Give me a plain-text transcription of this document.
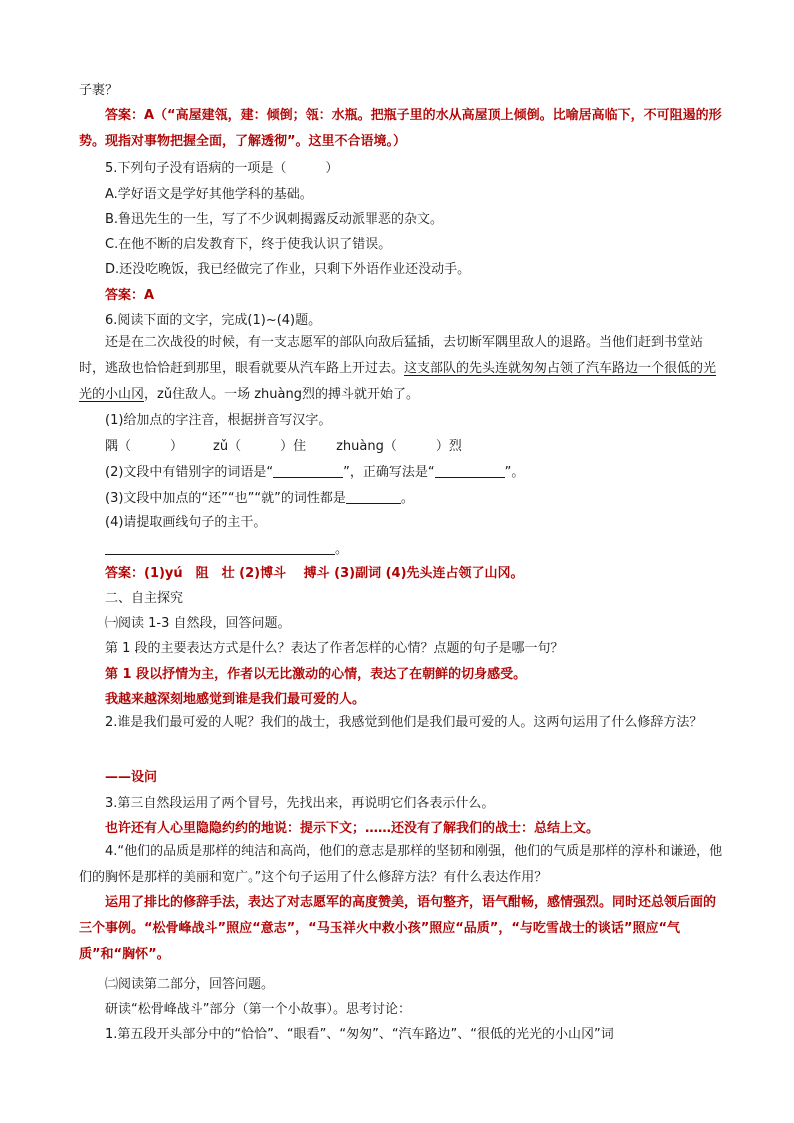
子裹？
答案：A（“高屋建瓴，建：倾倒；瓴：水瓶。把瓶子里的水从高屋顶上倾倒。比喻居高临下，不可阻遏的形势。现指对事物把握全面，了解透彻”。这里不合语境。）
5.下列句子没有语病的一项是（　　　）
A.学好语文是学好其他学科的基础。
B.鲁迅先生的一生，写了不少讽刺揭露反动派罪恶的杂文。
C.在他不断的启发教育下，终于使我认识了错误。
D.还没吃晚饭，我已经做完了作业，只剩下外语作业还没动手。
答案：A
6.阅读下面的文字，完成(1)~(4)题。
还是在二次战役的时候，有一支志愿军的部队向敌后猛插，去切断军隅里敌人的退路。当他们赶到书堂站时，逃敌也恰恰赶到那里，眼看就要从汽车路上开过去。这支部队的先头连就匆匆占领了汽车路边一个很低的光光的小山冈，zǔ住敌人。一场 zhuàng烈的搏斗就开始了。
(1)给加点的字注音，根据拼音写汉字。
隅（　　　） zǔ（　　　）住 zhuàng（　　　）烈
(2)文段中有错别字的词语是“	”，正确写法是“	”。
(3)文段中加点的“还”“也”“就”的词性都是	。
(4)请提取画线句子的主干。
。
答案：(1)yú　阻　壮 (2)博斗　 搏斗 (3)副词 (4)先头连占领了山冈。
二、自主探究
㈠阅读 1-3 自然段，回答问题。
第 1 段的主要表达方式是什么？表达了作者怎样的心情？点题的句子是哪一句？
第 1 段以抒情为主，作者以无比激动的心情，表达了在朝鲜的切身感受。
我越来越深刻地感觉到谁是我们最可爱的人。
2.谁是我们最可爱的人呢？我们的战士，我感觉到他们是我们最可爱的人。这两句运用了什么修辞方法？
——设问
3.第三自然段运用了两个冒号，先找出来，再说明它们各表示什么。
也许还有人心里隐隐约约的地说：提示下文；……还没有了解我们的战士：总结上文。
4.“他们的品质是那样的纯洁和高尚，他们的意志是那样的坚韧和刚强，他们的气质是那样的淳朴和谦逊，他们的胸怀是那样的美丽和宽广。”这个句子运用了什么修辞方法？有什么表达作用？
运用了排比的修辞手法，表达了对志愿军的高度赞美，语句整齐，语气酣畅，感情强烈。同时还总领后面的三个事例。“松骨峰战斗”照应“意志”，“马玉祥火中救小孩”照应“品质”，“与吃雪战士的谈话”照应“气质”和“胸怀”。
㈡阅读第二部分，回答问题。
研读“松骨峰战斗”部分（第一个小故事）。思考讨论：
1.第五段开头部分中的“恰恰”、“眼看”、“匆匆”、“汽车路边”、“很低的光光的小山冈”词
